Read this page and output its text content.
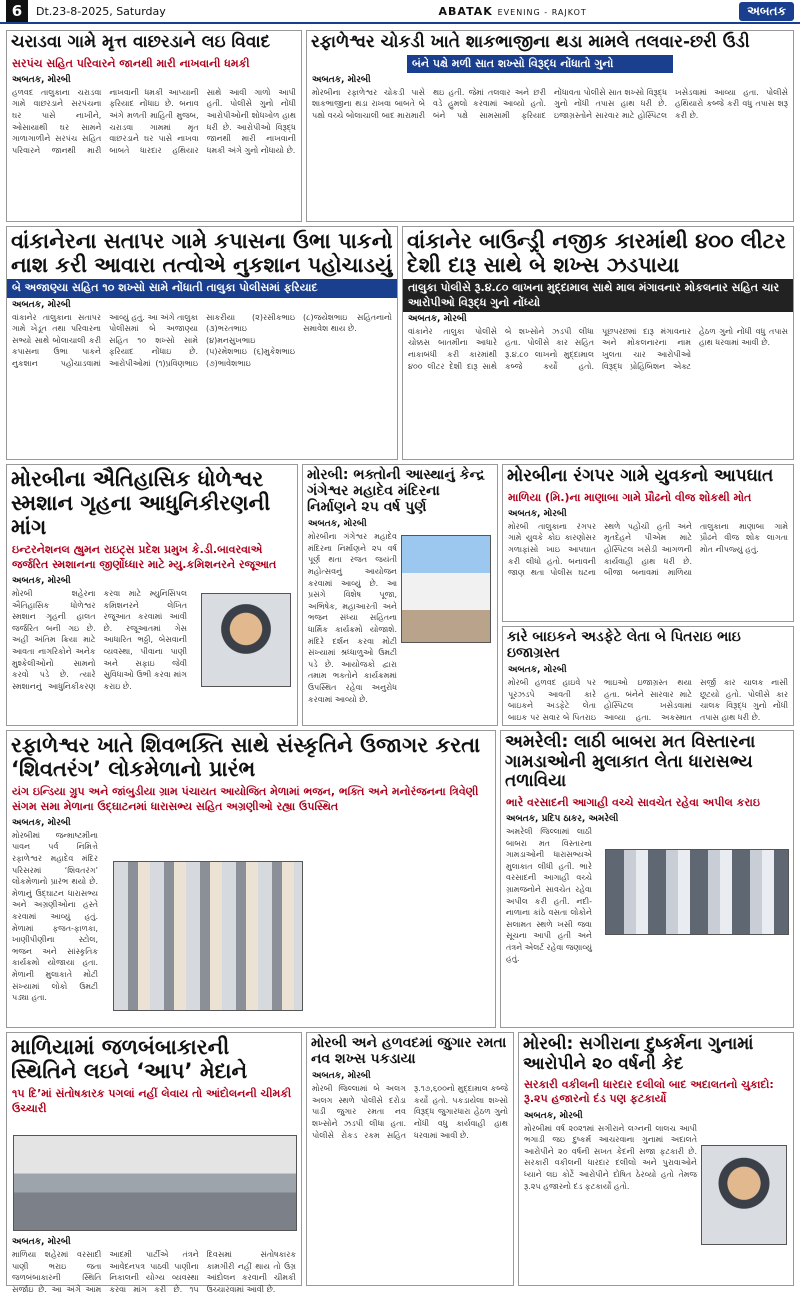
6	Dt.23-8-2025, Saturday	ABATAK EVENING - RAJKOT	અબતક
ચરાડવા ગામે મૃત્ત વાછરડાને લઇ વિવાદ
સરપંચ સહિત પરિવારને જાનથી મારી નાખવાની ધમકી
અબતક, મોરબી
હળવદ તાલુકાના ચરાડવા ગામે વાછરડાને સરપંચના ઘર પાસે નાખીને, ઓસાયાથી ઘર સામને ગાળાગાળીને સરપંચ સહિત પરિવારને જાનથી મારી નાખવાની ધમકી આપ્યાની ફરિયાદ નોંધાઇ છે. બનાવ અંગે મળતી માહિતી મુજબ, ચરાડવા ગામમાં મૃત વાછરડાને ઘર પાસે નાખવા બાબતે ધારદાર હથિયાર સાથે આવી ગાળો આપી હતી. પોલીસે ગુનો નોંધી આરોપીઓની શોધખોળ હાથ ધરી છે. આરોપીઓ વિરૂદ્ધ જાનથી મારી નાખવાની ધમકી અંગે ગુનો નોંધાયો છે.
રફાળેશ્વર ચોકડી ખાતે શાકભાજીના થડા મામલે તલવાર-છરી ઉડી
બંને પક્ષે મળી સાત શખ્સો વિરૂદ્ધ નોંધાતો ગુનો
અબતક, મોરબી
મોરબીના રફાળેશ્વર ચોકડી પાસે શાકભાજીના થડા રાખવા બાબતે બે પક્ષો વચ્ચે બોલાચાલી બાદ મારામારી થઇ હતી. જેમાં તલવાર અને છરી વડે હુમલો કરવામાં આવ્યો હતો. બંને પક્ષે સામસામી ફરિયાદ નોંધાવતા પોલીસે સાત શખ્સો વિરૂદ્ધ ગુનો નોંધી તપાસ હાથ ધરી છે. ઇજાગ્રસ્તોને સારવાર માટે હોસ્પિટલ ખસેડવામાં આવ્યા હતા. પોલીસે હથિયારો કબ્જે કરી વધુ તપાસ શરૂ કરી છે.
વાંકાનેરના સતાપર ગામે કપાસના ઉભા પાકનો નાશ કરી આવારા તત્વોએ નુકશાન પહોચાડયું
બે અજાણ્યા સહિત ૧૦ શખ્સો સામે નોંધાતી તાલુકા પોલીસમાં ફરિયાદ
અબતક, મોરબી
વાંકાનેર તાલુકાના સતાપર ગામે ખેડૂત તથા પરિવારના સભ્યો સાથે બોલાચાલી કરી કપાસના ઉભા પાકને નુકશાન પહોંચાડવામાં આવ્યું હતું. આ અંગે તાલુકા પોલીસમાં બે અજાણ્યા સહિત ૧૦ શખ્સો સામે ફરિયાદ નોંધાઇ છે. આરોપીઓમાં (૧)પ્રવિણભાઇ સાકરીયા (૨)રસીકભાઇ (૩)ભરતભાઇ (૪)મનસુખભાઇ (૫)રમેશભાઇ (૬)મુકેશભાઇ (૭)ભાવેશભાઇ (૮)જયેશભાઇ સહિતનાનો સમાવેશ થાય છે.
વાંકાનેર બાઉન્ડ્રી નજીક કારમાંથી ૪૦૦ લીટર દેશી દારૂ સાથે બે શખ્સ ઝડપાયા
તાલુકા પોલીસે રૂ.૪.૮૦ લાખના મુદ્દામાલ સાથે માલ મંગાવનાર મોકલનાર સહિત ચાર આરોપીઓ વિરૂદ્ધ ગુનો નોંધ્યો
અબતક, મોરબી
વાંકાનેર તાલુકા પોલીસે ચોક્કસ બાતમીના આધારે નાકાબંધી કરી કારમાંથી ૪૦૦ લીટર દેશી દારૂ સાથે બે શખ્સોને ઝડપી લીધા હતા. પોલીસે કાર સહિત રૂ.૪.૮૦ લાખનો મુદ્દામાલ કબ્જે કર્યો હતો. પૂછપરછમાં દારૂ મંગાવનાર અને મોકલનારના નામ ખુલતા ચાર આરોપીઓ વિરૂદ્ધ પ્રોહિબિશન એક્ટ હેઠળ ગુનો નોંધી વધુ તપાસ હાથ ધરવામાં આવી છે.
મોરબીના ઐતિહાસિક ધોળેશ્વર સ્મશાન ગૃહના આધુનિકીરણની માંગ
ઇન્ટરનેશનલ હ્યુમન રાઇટ્સ પ્રદેશ પ્રમુખ કે.ડી.બાવરવાએ જર્જરિત સ્મશાનના જીર્ણોધ્ધાર માટે મ્યુ.કમિશનરને રજૂઆત
અબતક, મોરબી
મોરબી શહેરના ઐતિહાસિક ધોળેશ્વર સ્મશાન ગૃહની હાલત જર્જરિત બની ગઇ છે. અહીં અંતિમ ક્રિયા માટે આવતા નાગરિકોને અનેક મુશ્કેલીઓનો સામનો કરવો પડે છે. ત્યારે સ્મશાનનું આધુનિકીકરણ કરવા માટે મ્યુનિસિપલ કમિશનરને લેખિત રજૂઆત કરવામાં આવી છે. રજૂઆતમાં ગેસ આધારિત ભઠ્ઠી, બેસવાની વ્યવસ્થા, પીવાના પાણી અને સફાઇ જેવી સુવિધાઓ ઉભી કરવા માંગ કરાઇ છે.
મોરબી: ભક્તોની આસ્થાનું કેન્દ્ર ગંગેશ્વર મહાદેવ મંદિરના નિર્માણને ૨૫ વર્ષ પુર્ણ
અબતક, મોરબી
મોરબીના ગંગેશ્વર મહાદેવ મંદિરના નિર્માણને ૨૫ વર્ષ પૂર્ણ થતા રજત જયંતી મહોત્સવનું આયોજન કરવામાં આવ્યું છે. આ પ્રસંગે વિશેષ પૂજા, અભિષેક, મહાઆરતી અને ભજન સંધ્યા સહિતના ધાર્મિક કાર્યક્રમો યોજાશે. મંદિરે દર્શન કરવા મોટી સંખ્યામાં શ્રધ્ધાળુઓ ઉમટી પડે છે. આયોજકો દ્વારા તમામ ભક્તોને કાર્યક્રમમાં ઉપસ્થિત રહેવા અનુરોધ કરવામાં આવ્યો છે.
મોરબીના રંગપર ગામે યુવકનો આપઘાત
માળિયા (મિ.)ના માણાબા ગામે પ્રૌઢનો વીજ શોકથી મોત
અબતક, મોરબી
મોરબી તાલુકાના રંગપર ગામે યુવકે કોઇ કારણોસર ગળાફાંસો ખાઇ આપઘાત કરી લીધો હતો. બનાવની જાણ થતા પોલીસ ઘટના સ્થળે પહોંચી હતી અને મૃતદેહને પીએમ માટે હોસ્પિટલ ખસેડી આગળની કાર્યવાહી હાથ ધરી છે. બીજા બનાવમાં માળિયા તાલુકાના માણાબા ગામે પ્રૌઢને વીજ શોક લાગતા મોત નીપજ્યું હતું.
કારે બાઇકને અડફેટે લેતા બે પિતરાઇ ભાઇ ઇજાગ્રસ્ત
અબતક, મોરબી
મોરબી હળવદ હાઇવે પર પૂરઝડપે આવતી કારે બાઇકને અડફેટે લેતા બાઇક પર સવાર બે પિતરાઇ ભાઇઓ ઇજાગ્રસ્ત થયા હતા. બંનેને સારવાર માટે હોસ્પિટલ ખસેડવામાં આવ્યા હતા. અકસ્માત સર્જી કાર ચાલક નાસી છૂટયો હતો. પોલીસે કાર ચાલક વિરૂદ્ધ ગુનો નોંધી તપાસ હાથ ધરી છે.
રફાળેશ્વર ખાતે શિવભક્તિ સાથે સંસ્કૃતિને ઉજાગર કરતા ‘શિવતરંગ’ લોકમેળાનો પ્રારંભ
યંગ ઇન્ડિયા ગ્રુપ અને જાંબુડીયા ગ્રામ પંચાયત આયોજિત મેળામાં ભજન, ભક્તિ અને મનોરંજનના ત્રિવેણી સંગમ સમા મેળાના ઉદ્ઘાટનમાં ધારાસભ્ય સહિત અગ્રણીઓ રહ્યા ઉપસ્થિત
અબતક, મોરબી
મોરબીમાં જન્માષ્ટમીના પાવન પર્વ નિમિત્તે રફાળેશ્વર મહાદેવ મંદિર પરિસરમાં ‘શિવતરંગ’ લોકમેળાનો પ્રારંભ થયો છે. મેળાનું ઉદ્ઘાટન ધારાસભ્ય અને અગ્રણીઓના હસ્તે કરવામાં આવ્યું હતું. મેળામાં ફજત-ફાળકા, ખાણીપીણીના સ્ટોલ, ભજન અને સાંસ્કૃતિક કાર્યક્રમો યોજાયા હતા. મેળાની મુલાકાતે મોટી સંખ્યામાં લોકો ઉમટી પડ્યા હતા.
અમરેલી: લાઠી બાબરા મત વિસ્તારના ગામડાઓની મુલાકાત લેતા ધારાસભ્ય તળાવિયા
ભારે વરસાદની આગાહી વચ્ચે સાવચેત રહેવા અપીલ કરાઇ
અબતક, પ્રદિપ ઠાકર, અમરેલી
અમરેલી જિલ્લામાં લાઠી બાબરા મત વિસ્તારના ગામડાઓની ધારાસભ્યએ મુલાકાત લીધી હતી. ભારે વરસાદની આગાહી વચ્ચે ગ્રામજનોને સાવચેત રહેવા અપીલ કરી હતી. નદી-નાળાના કાંઠે વસતા લોકોને સલામત સ્થળે ખસી જવા સૂચના આપી હતી અને તંત્રને એલર્ટ રહેવા જણાવ્યું હતું.
માળિયામાં જળબંબાકારની સ્થિતિને લઇને ‘આપ’ મેદાને
૧૫ દિ’માં સંતોષકારક પગલાં નહીં લેવાય તો આંદોલનની ચીમકી ઉચ્ચારી
અબતક, મોરબી
માળિયા શહેરમાં વરસાદી પાણી ભરાઇ જતા જળબંબાકારની સ્થિતિ સર્જાઇ છે. આ અંગે આમ આદમી પાર્ટીએ તંત્રને આવેદનપત્ર પાઠવી પાણીના નિકાલની યોગ્ય વ્યવસ્થા કરવા માંગ કરી છે. ૧૫ દિવસમાં સંતોષકારક કામગીરી નહીં થાય તો ઉગ્ર આંદોલન કરવાની ચીમકી ઉચ્ચારવામાં આવી છે.
મોરબી અને હળવદમાં જુગાર રમતા નવ શખ્સ પકડાયા
અબતક, મોરબી
મોરબી જિલ્લામાં બે અલગ અલગ સ્થળે પોલીસે દરોડા પાડી જુગાર રમતા નવ શખ્સોને ઝડપી લીધા હતા. પોલીસે રોકડ રકમ સહિત રૂ.૧૭,૬૦૦નો મુદ્દામાલ કબ્જે કર્યો હતો. પકડાયેલા શખ્સો વિરૂદ્ધ જુગારધારા હેઠળ ગુનો નોંધી વધુ કાર્યવાહી હાથ ધરવામાં આવી છે.
મોરબી: સગીરાના દુષ્કર્મના ગુનામાં આરોપીને ૨૦ વર્ષની કેદ
સરકારી વકીલની ધારદાર દલીલો બાદ અદાલતનો ચુકાદો: રૂ.૨૫ હજારનો દંડ પણ ફટકાર્યો
અબતક, મોરબી
મોરબીમાં વર્ષ ૨૦૨૧માં સગીરાને લગ્નની લાલચ આપી ભગાડી જઇ દુષ્કર્મ આચરવાના ગુનામાં અદાલતે આરોપીને ૨૦ વર્ષની સખત કેદની સજા ફટકારી છે. સરકારી વકીલની ધારદાર દલીલો અને પુરાવાઓને ધ્યાને લઇ કોર્ટે આરોપીને દોષિત ઠેરવ્યો હતો તેમજ રૂ.૨૫ હજારનો દંડ ફટકાર્યો હતો.
